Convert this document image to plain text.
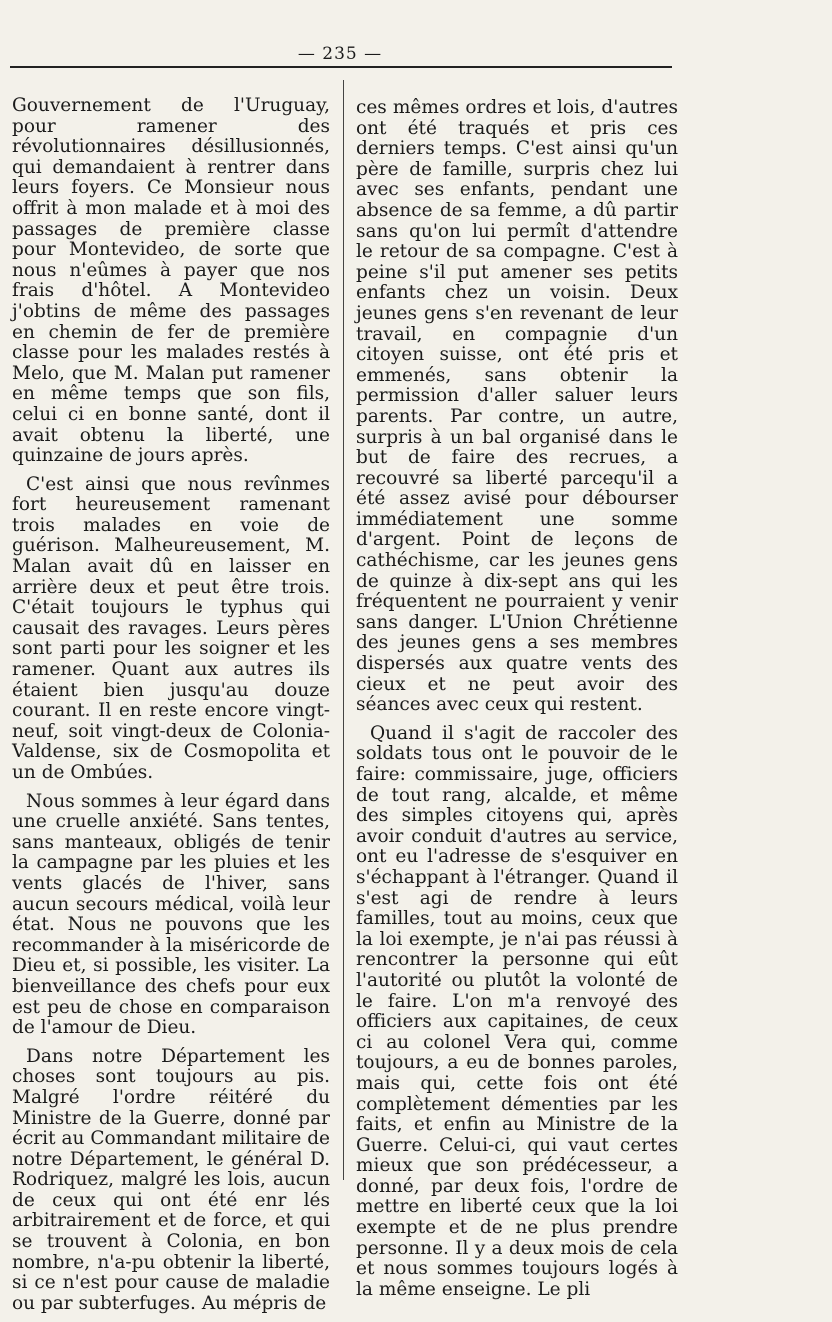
— 235 —

Gouvernement de l'Uruguay, pour ramener des révolutionnaires désillusionnés, qui demandaient à rentrer dans leurs foyers. Ce Monsieur nous offrit à mon malade et à moi des passages de première classe pour Montevideo, de sorte que nous n'eûmes à payer que nos frais d'hôtel. A Montevideo j'obtins de même des passages en chemin de fer de première classe pour les malades restés à Melo, que M. Malan put ramener en même temps que son fils, celui ci en bonne santé, dont il avait obtenu la liberté, une quinzaine de jours après.

C'est ainsi que nous revînmes fort heureusement ramenant trois malades en voie de guérison. Malheureusement, M. Malan avait dû en laisser en arrière deux et peut être trois. C'était toujours le typhus qui causait des ravages. Leurs pères sont parti pour les soigner et les ramener. Quant aux autres ils étaient bien jusqu'au douze courant. Il en reste encore vingt-neuf, soit vingt-deux de Colonia-Valdense, six de Cosmopolita et un de Ombúes.

Nous sommes à leur égard dans une cruelle anxiété. Sans tentes, sans manteaux, obligés de tenir la campagne par les pluies et les vents glacés de l'hiver, sans aucun secours médical, voilà leur état. Nous ne pouvons que les recommander à la miséricorde de Dieu et, si possible, les visiter. La bienveillance des chefs pour eux est peu de chose en comparaison de l'amour de Dieu.

Dans notre Département les choses sont toujours au pis. Malgré l'ordre réitéré du Ministre de la Guerre, donné par écrit au Commandant militaire de notre Département, le général D. Rodriquez, malgré les lois, aucun de ceux qui ont été enr lés arbitrairement et de force, et qui se trouvent à Colonia, en bon nombre, n'a-pu obtenir la liberté, si ce n'est pour cause de maladie ou par subterfuges. Au mépris de

ces mêmes ordres et lois, d'autres ont été traqués et pris ces derniers temps. C'est ainsi qu'un père de famille, surpris chez lui avec ses enfants, pendant une absence de sa femme, a dû partir sans qu'on lui permît d'attendre le retour de sa compagne. C'est à peine s'il put amener ses petits enfants chez un voisin. Deux jeunes gens s'en revenant de leur travail, en compagnie d'un citoyen suisse, ont été pris et emmenés, sans obtenir la permission d'aller saluer leurs parents. Par contre, un autre, surpris à un bal organisé dans le but de faire des recrues, a recouvré sa liberté parcequ'il a été assez avisé pour débourser immédiatement une somme d'argent. Point de leçons de cathéchisme, car les jeunes gens de quinze à dix-sept ans qui les fréquentent ne pourraient y venir sans danger. L'Union Chrétienne des jeunes gens a ses membres dispersés aux quatre vents des cieux et ne peut avoir des séances avec ceux qui restent.

Quand il s'agit de raccoler des soldats tous ont le pouvoir de le faire: commissaire, juge, officiers de tout rang, alcalde, et même des simples citoyens qui, après avoir conduit d'autres au service, ont eu l'adresse de s'esquiver en s'échappant à l'étranger. Quand il s'est agi de rendre à leurs familles, tout au moins, ceux que la loi exempte, je n'ai pas réussi à rencontrer la personne qui eût l'autorité ou plutôt la volonté de le faire. L'on m'a renvoyé des officiers aux capitaines, de ceux ci au colonel Vera qui, comme toujours, a eu de bonnes paroles, mais qui, cette fois ont été complètement démenties par les faits, et enfin au Ministre de la Guerre. Celui-ci, qui vaut certes mieux que son prédécesseur, a donné, par deux fois, l'ordre de mettre en liberté ceux que la loi exempte et de ne plus prendre personne. Il y a deux mois de cela et nous sommes toujours logés à la même enseigne. Le pli
